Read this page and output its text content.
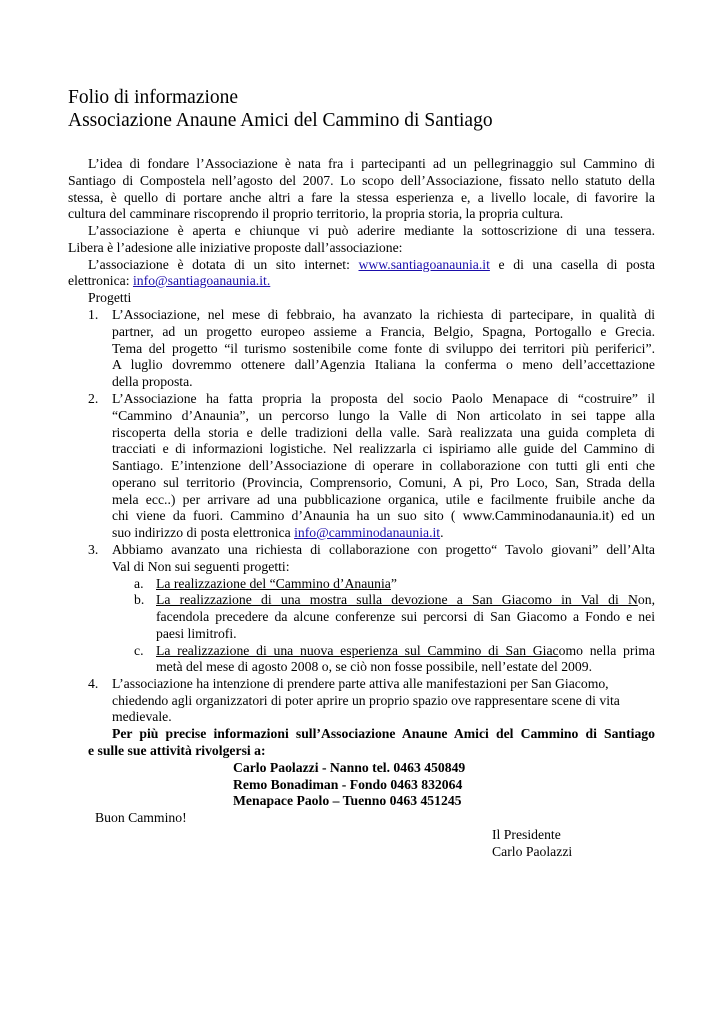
Folio di informazione
Associazione Anaune Amici del Cammino di Santiago
L’idea di fondare l’Associazione è nata fra i partecipanti ad un pellegrinaggio sul Cammino di
Santiago di Compostela nell’agosto del 2007. Lo scopo dell’Associazione, fissato nello statuto della
stessa, è quello di portare anche altri a fare la stessa esperienza e, a livello locale, di favorire la
cultura del camminare riscoprendo il proprio territorio, la propria storia, la propria cultura.
L’associazione è aperta e chiunque vi può aderire mediante la sottoscrizione di una tessera.
Libera è l’adesione alle iniziative proposte dall’associazione:
L’associazione è dotata di un sito internet: www.santiagoanaunia.it e di una casella di posta
elettronica: info@santiagoanaunia.it.
Progetti
1. L’Associazione, nel mese di febbraio, ha avanzato la richiesta di partecipare, in qualità di
partner, ad un progetto europeo assieme a Francia, Belgio, Spagna, Portogallo e Grecia.
Tema del progetto “il turismo sostenibile come fonte di sviluppo dei territori più periferici”.
A luglio dovremmo ottenere dall’Agenzia Italiana la conferma o meno dell’accettazione
della proposta.
2. L’Associazione ha fatta propria la proposta del socio Paolo Menapace di “costruire” il
“Cammino d’Anaunia”, un percorso lungo la Valle di Non articolato in sei tappe alla
riscoperta della storia e delle tradizioni della valle. Sarà realizzata una guida completa di
tracciati e di informazioni logistiche. Nel realizzarla ci ispiriamo alle guide del Cammino di
Santiago. E’intenzione dell’Associazione di operare in collaborazione con tutti gli enti che
operano sul territorio (Provincia, Comprensorio, Comuni, A pi, Pro Loco, San, Strada della
mela ecc..) per arrivare ad una pubblicazione organica, utile e facilmente fruibile anche da
chi viene da fuori. Cammino d’Anaunia ha un suo sito ( www.Camminodanaunia.it) ed un
suo indirizzo di posta elettronica info@camminodanaunia.it.
3. Abbiamo avanzato una richiesta di collaborazione con progetto“ Tavolo giovani” dell’Alta
Val di Non sui seguenti progetti:
a. La realizzazione del “Cammino d’Anaunia”
b. La realizzazione di una mostra sulla devozione a San Giacomo in Val di Non,
facendola precedere da alcune conferenze sui percorsi di San Giacomo a Fondo e nei
paesi limitrofi.
c. La realizzazione di una nuova esperienza sul Cammino di San Giacomo nella prima
metà del mese di agosto 2008 o, se ciò non fosse possibile, nell’estate del 2009.
4. L’associazione ha intenzione di prendere parte attiva alle manifestazioni per San Giacomo,
chiedendo agli organizzatori di poter aprire un proprio spazio ove rappresentare scene di vita
medievale.
Per più precise informazioni sull’Associazione Anaune Amici del Cammino di Santiago
e sulle sue attività rivolgersi a:
Carlo Paolazzi - Nanno tel. 0463 450849
Remo Bonadiman - Fondo 0463 832064
Menapace Paolo – Tuenno 0463 451245
Buon Cammino!
Il Presidente
Carlo Paolazzi
